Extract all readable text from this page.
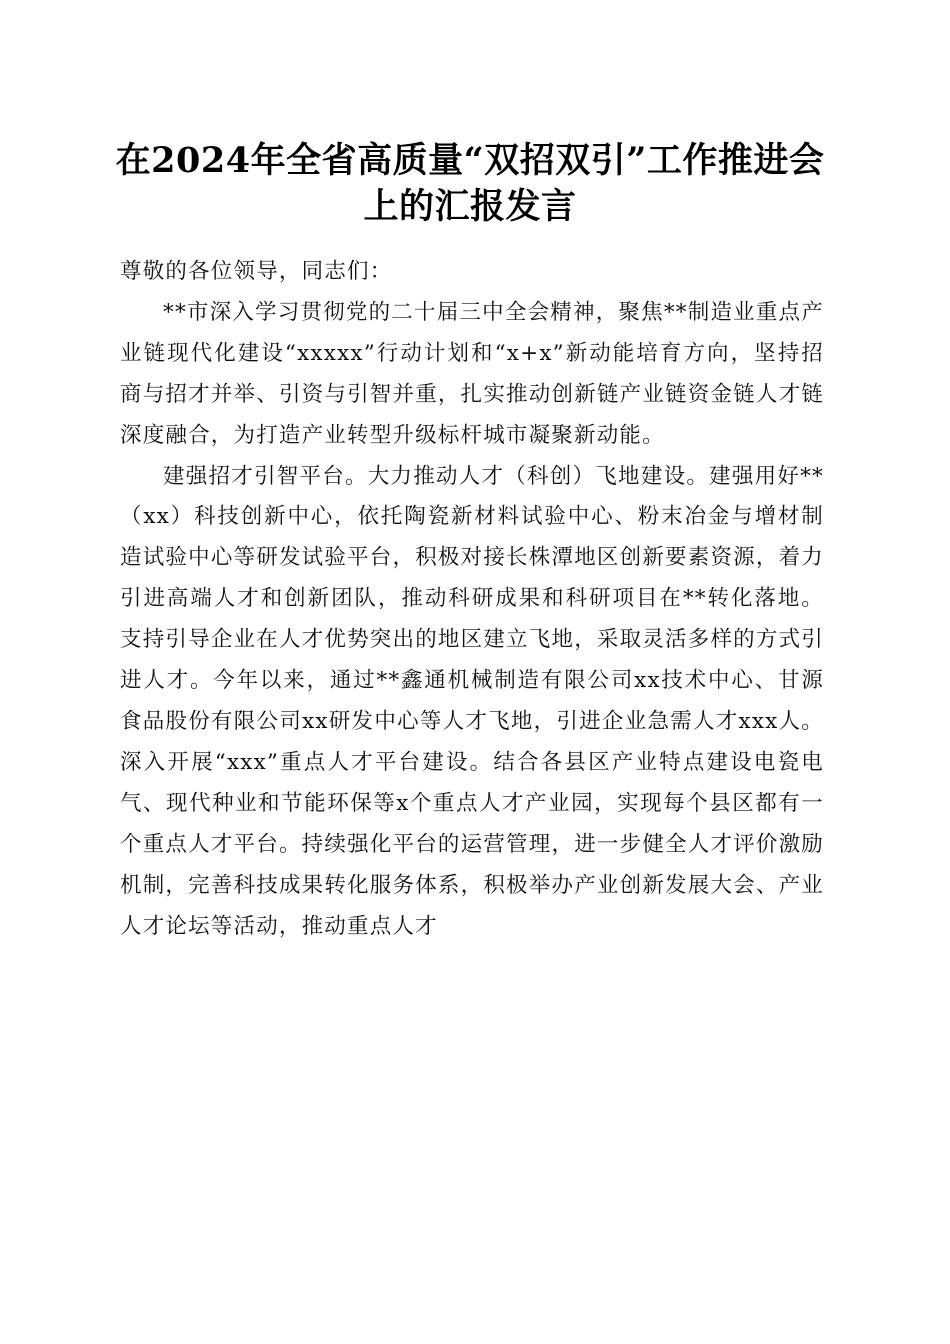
在2024年全省高质量“双招双引”工作推进会上的汇报发言

尊敬的各位领导，同志们：

**市深入学习贯彻党的二十届三中全会精神，聚焦**制造业重点产业链现代化建设“xxxxx”行动计划和“x+x”新动能培育方向，坚持招商与招才并举、引资与引智并重，扎实推动创新链产业链资金链人才链深度融合，为打造产业转型升级标杆城市凝聚新动能。

建强招才引智平台。大力推动人才（科创）飞地建设。建强用好**（xx）科技创新中心，依托陶瓷新材料试验中心、粉末冶金与增材制造试验中心等研发试验平台，积极对接长株潭地区创新要素资源，着力引进高端人才和创新团队，推动科研成果和科研项目在**转化落地。支持引导企业在人才优势突出的地区建立飞地，采取灵活多样的方式引进人才。今年以来，通过**鑫通机械制造有限公司xx技术中心、甘源食品股份有限公司xx研发中心等人才飞地，引进企业急需人才xxx人。深入开展“xxx”重点人才平台建设。结合各县区产业特点建设电瓷电气、现代种业和节能环保等x个重点人才产业园，实现每个县区都有一个重点人才平台。持续强化平台的运营管理，进一步健全人才评价激励机制，完善科技成果转化服务体系，积极举办产业创新发展大会、产业人才论坛等活动，推动重点人才
